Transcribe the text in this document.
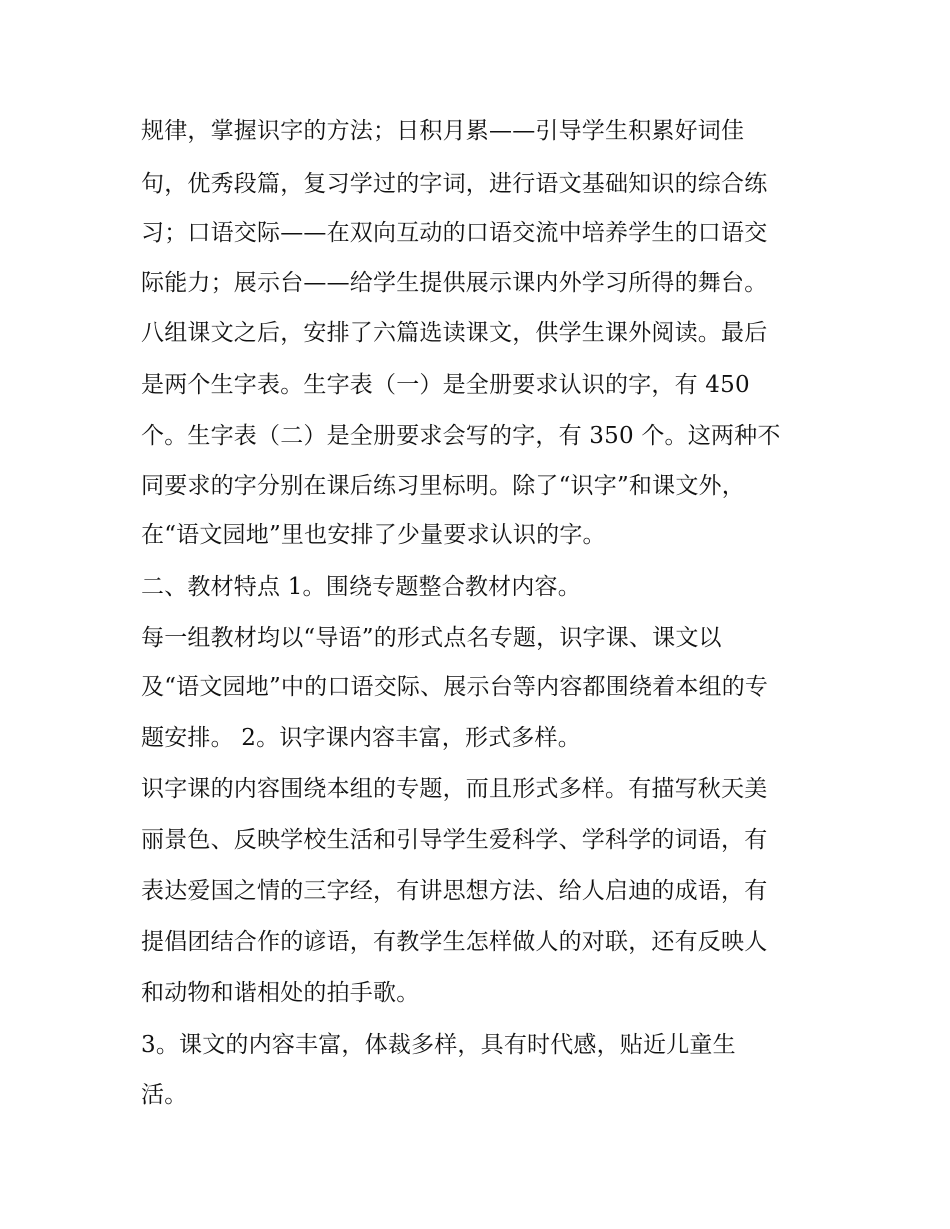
规律，掌握识字的方法；日积月累——引导学生积累好词佳
句，优秀段篇，复习学过的字词，进行语文基础知识的综合练
习；口语交际——在双向互动的口语交流中培养学生的口语交
际能力；展示台——给学生提供展示课内外学习所得的舞台。
八组课文之后，安排了六篇选读课文，供学生课外阅读。最后
是两个生字表。生字表（一）是全册要求认识的字，有 450
个。生字表（二）是全册要求会写的字，有 350 个。这两种不
同要求的字分别在课后练习里标明。除了“识字”和课文外，
在“语文园地”里也安排了少量要求认识的字。
二、教材特点 1。围绕专题整合教材内容。
每一组教材均以“导语”的形式点名专题，识字课、课文以
及“语文园地”中的口语交际、展示台等内容都围绕着本组的专
题安排。 2。识字课内容丰富，形式多样。
识字课的内容围绕本组的专题，而且形式多样。有描写秋天美
丽景色、反映学校生活和引导学生爱科学、学科学的词语，有
表达爱国之情的三字经，有讲思想方法、给人启迪的成语，有
提倡团结合作的谚语，有教学生怎样做人的对联，还有反映人
和动物和谐相处的拍手歌。
3。课文的内容丰富，体裁多样，具有时代感，贴近儿童生
活。
